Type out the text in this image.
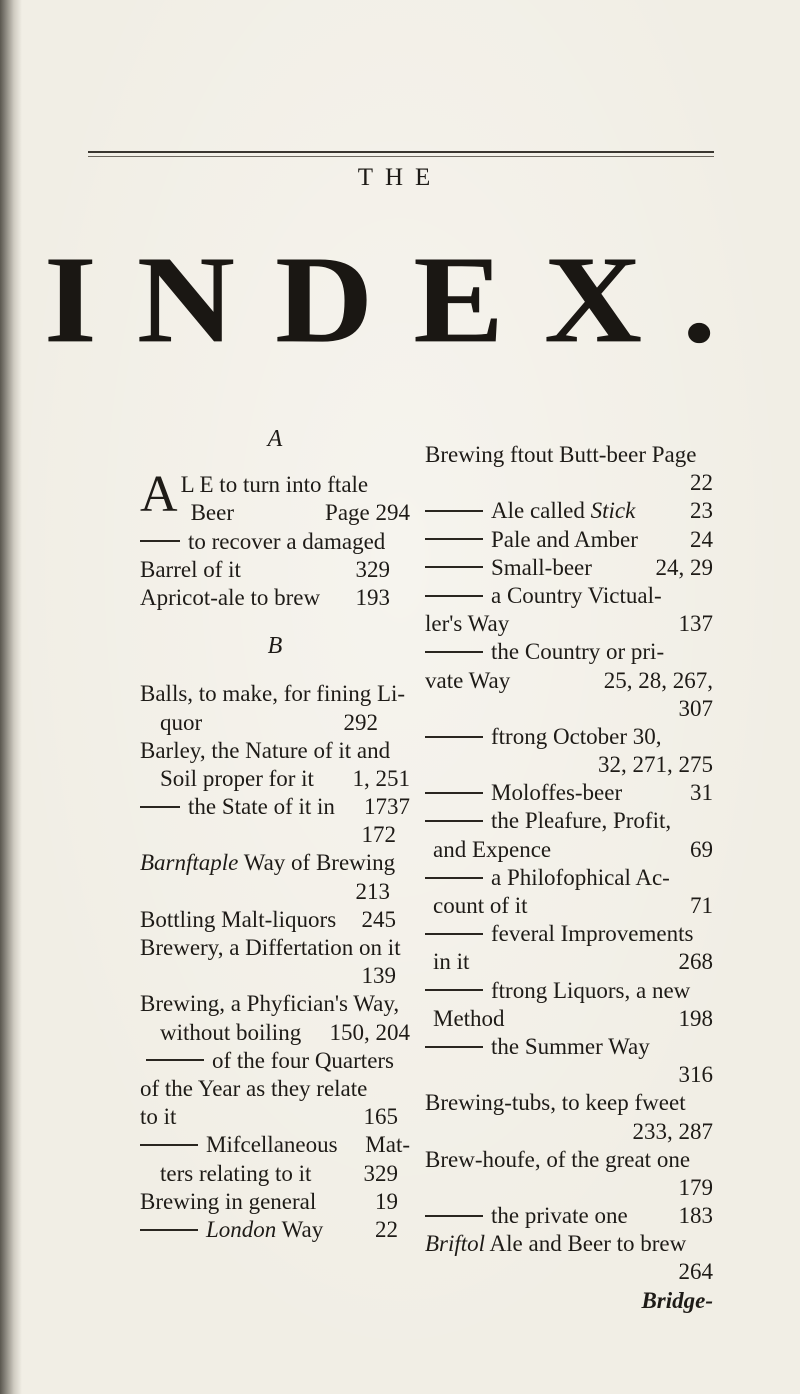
THE
INDEX.
A
A L E to turn into ftale
Beer	Page 294
to recover a damaged
Barrel of it	329
Apricot-ale to brew 193
B
Balls, to make, for fining Li-
quor	292
Barley, the Nature of it and
Soil proper for it 1, 251
the State of it in 1737
172
Barnftaple Way of Brewing
213
Bottling Malt-liquors 245
Brewery, a Differtation on it
139
Brewing, a Phyfician's Way,
without boiling 150, 204
of the four Quarters
of the Year as they relate
to it	165
Mifcellaneous Mat-
ters relating to it 329
Brewing in general	19
London Way 22
Brewing ftout Butt-beer Page
22
Ale called Stick 23
Pale and Amber 24
Small-beer	24, 29
a Country Victual-
ler's Way	137
the Country or pri-
vate Way	25, 28, 267,
307
ftrong October 30,
32, 271, 275
Moloffes-beer	31
the Pleafure, Profit,
and Expence	69
a Philofophical Ac-
count of it	71
feveral Improvements
in it	268
ftrong Liquors, a new
Method	198
the Summer Way
316
Brewing-tubs, to keep fweet
233, 287
Brew-houfe, of the great one
179
the private one 183
Briftol Ale and Beer to brew
264
Bridge-
